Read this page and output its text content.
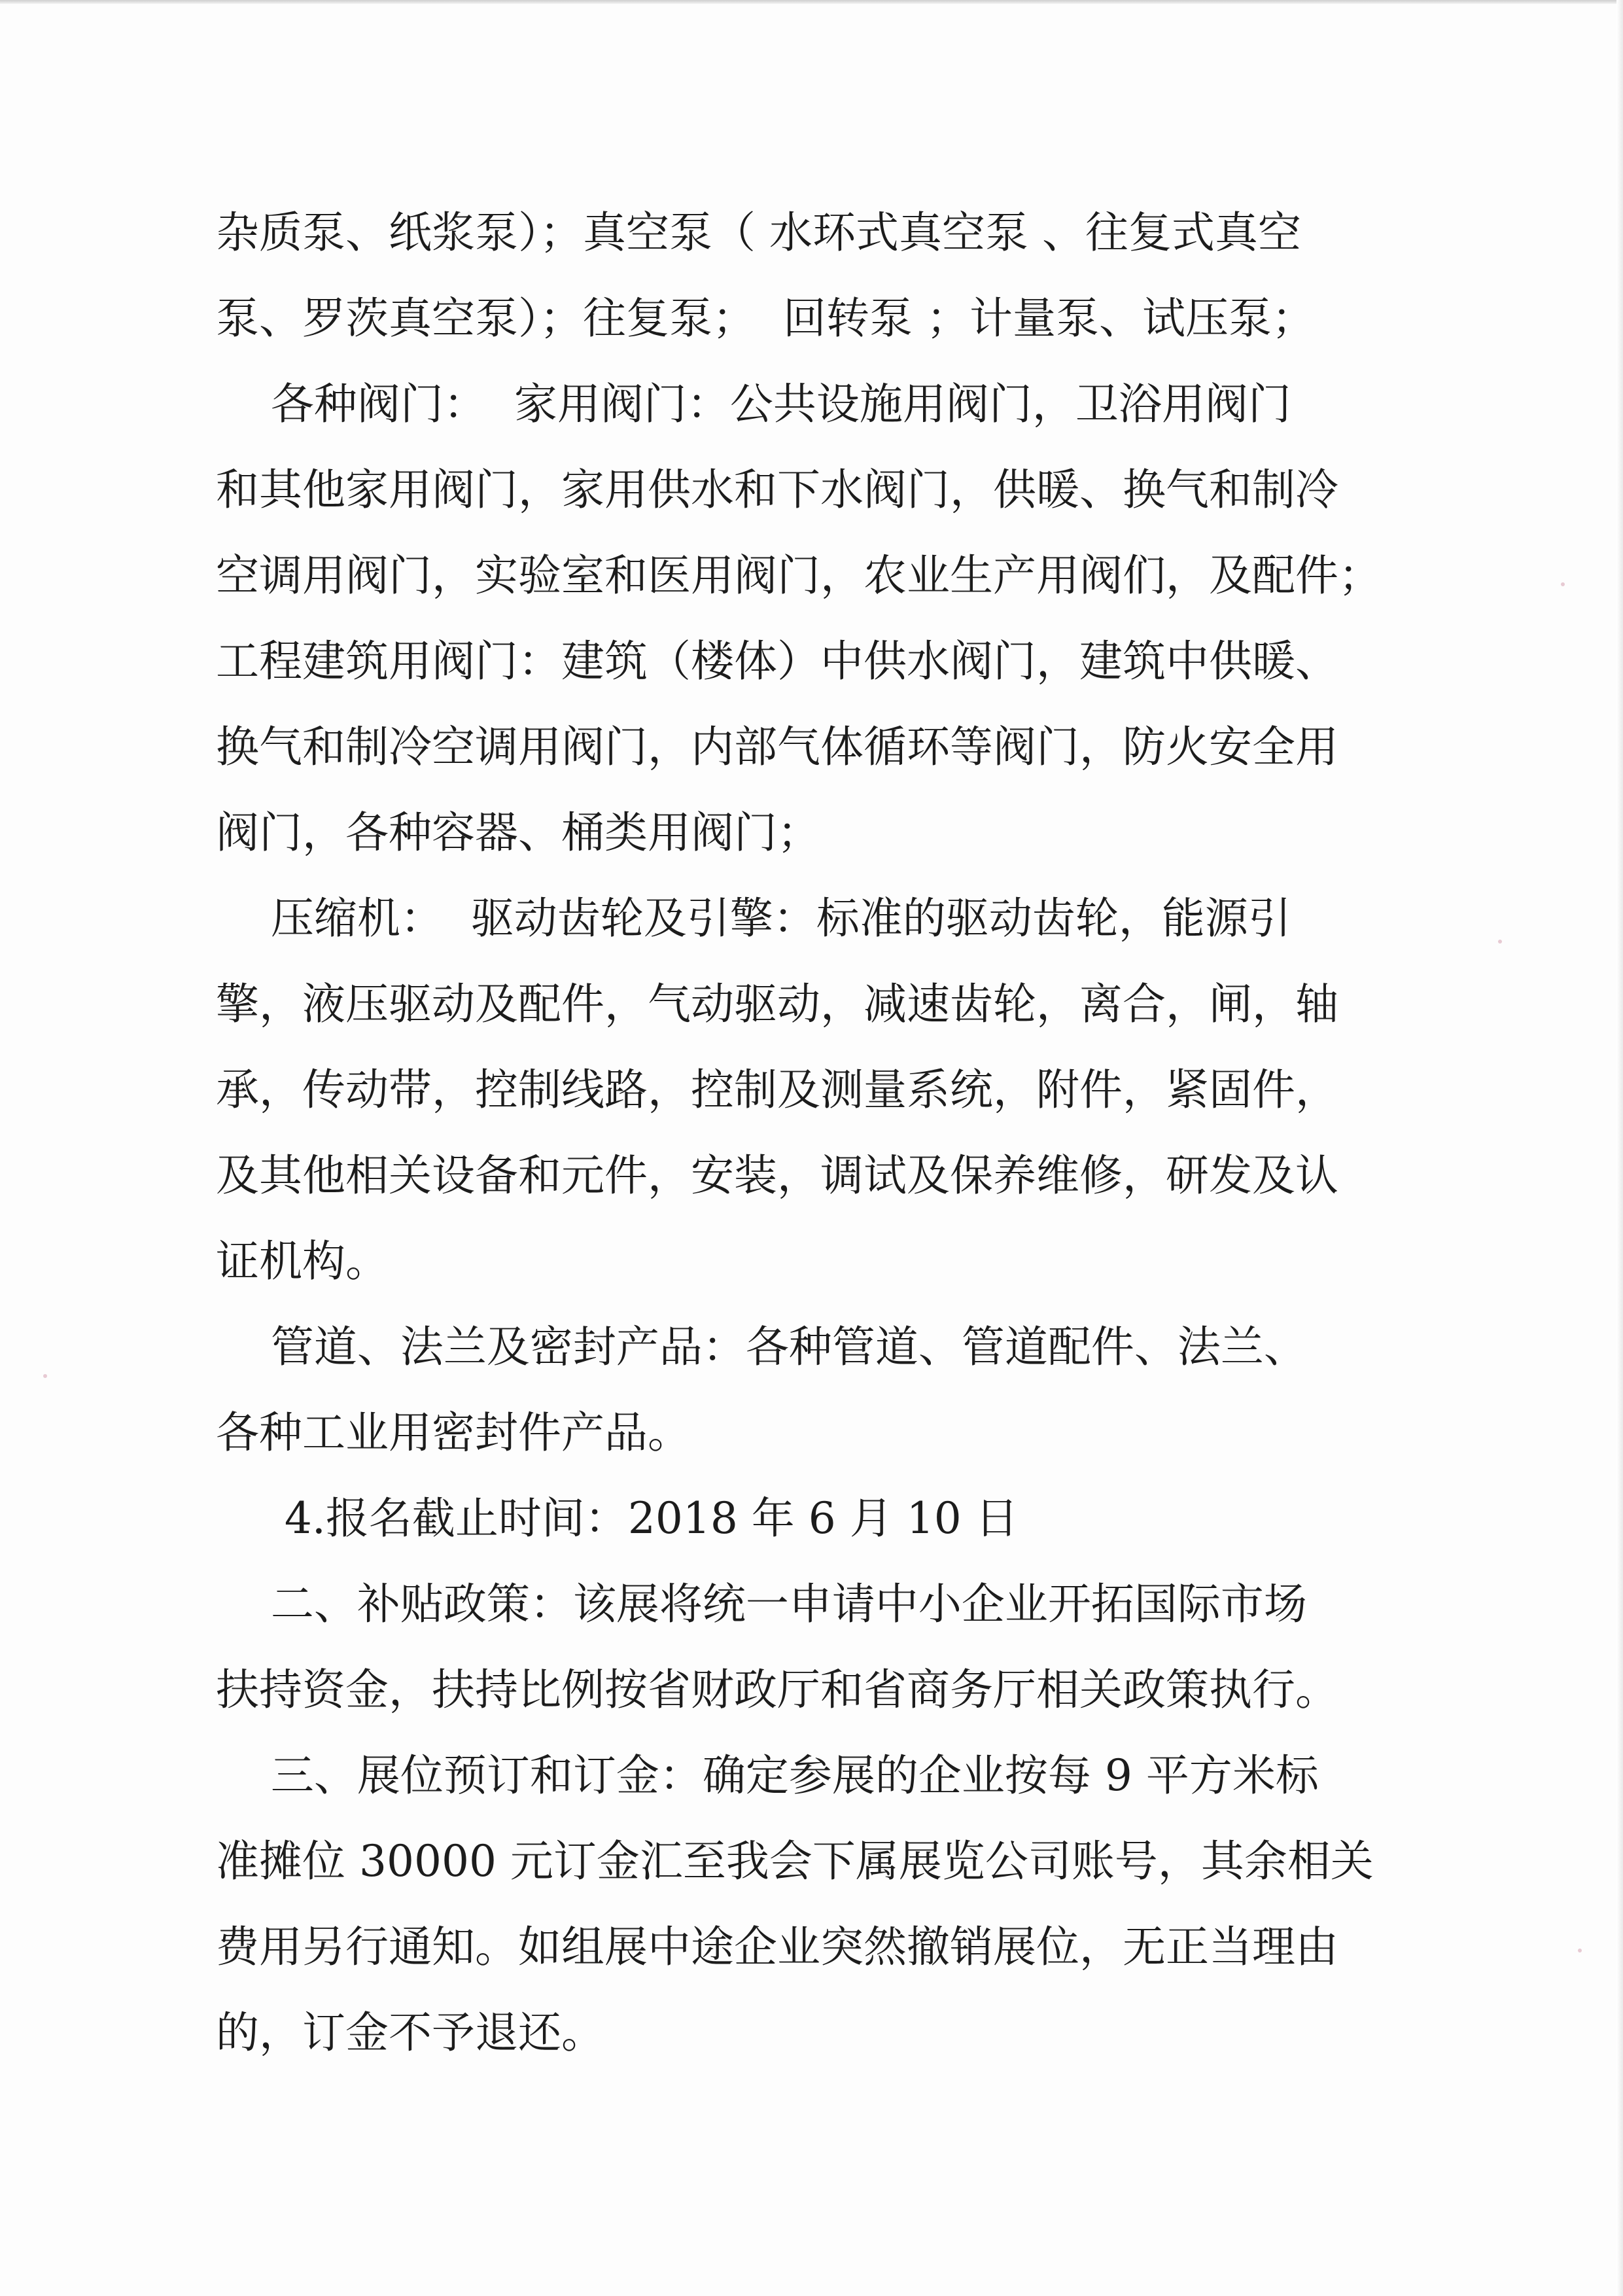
杂质泵、纸浆泵）；真空泵（ 水环式真空泵 、往复式真空
泵、罗茨真空泵）；往复泵；  回转泵 ；计量泵、试压泵；
各种阀门：  家用阀门：公共设施用阀门，卫浴用阀门
和其他家用阀门，家用供水和下水阀门，供暖、换气和制冷
空调用阀门，实验室和医用阀门，农业生产用阀们，及配件；
工程建筑用阀门：建筑（楼体）中供水阀门，建筑中供暖、
换气和制冷空调用阀门，内部气体循环等阀门，防火安全用
阀门，各种容器、桶类用阀门；
压缩机：  驱动齿轮及引擎：标准的驱动齿轮，能源引
擎，液压驱动及配件，气动驱动，减速齿轮，离合，闸，轴
承，传动带，控制线路，控制及测量系统，附件，紧固件，
及其他相关设备和元件，安装，调试及保养维修，研发及认
证机构。
管道、法兰及密封产品：各种管道、管道配件、法兰、
各种工业用密封件产品。
4.报名截止时间：2018 年 6 月 10 日
二、补贴政策：该展将统一申请中小企业开拓国际市场
扶持资金，扶持比例按省财政厅和省商务厅相关政策执行。
三、展位预订和订金：确定参展的企业按每 9 平方米标
准摊位 30000 元订金汇至我会下属展览公司账号，其余相关
费用另行通知。如组展中途企业突然撤销展位，无正当理由
的，订金不予退还。
